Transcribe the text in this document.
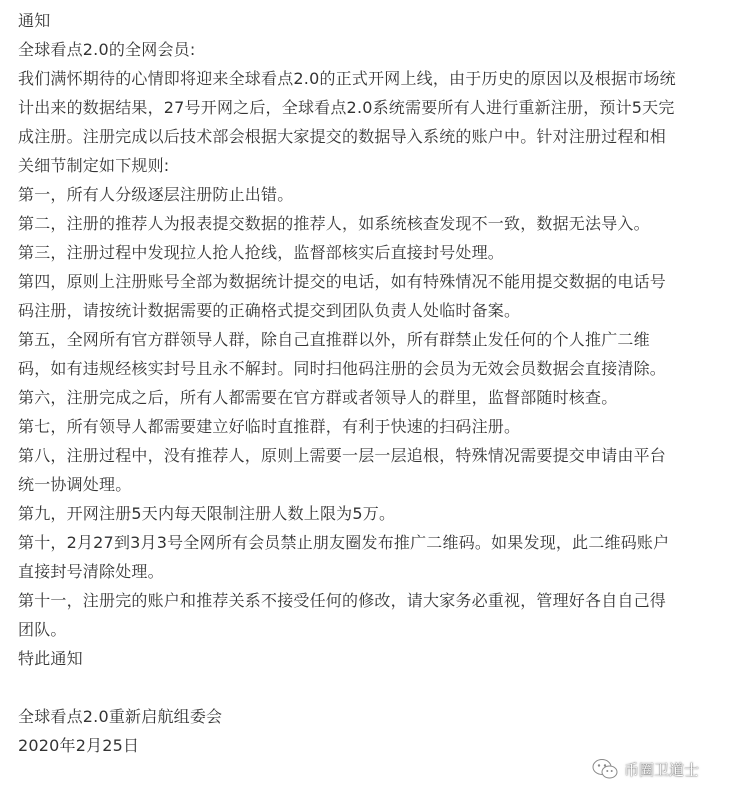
通知
全球看点2.0的全网会员:
我们满怀期待的心情即将迎来全球看点2.0的正式开网上线，由于历史的原因以及根据市场统
计出来的数据结果，27号开网之后，全球看点2.0系统需要所有人进行重新注册，预计5天完
成注册。注册完成以后技术部会根据大家提交的数据导入系统的账户中。针对注册过程和相
关细节制定如下规则:
第一，所有人分级逐层注册防止出错。
第二，注册的推荐人为报表提交数据的推荐人，如系统核查发现不一致，数据无法导入。
第三，注册过程中发现拉人抢人抢线，监督部核实后直接封号处理。
第四，原则上注册账号全部为数据统计提交的电话，如有特殊情况不能用提交数据的电话号
码注册，请按统计数据需要的正确格式提交到团队负责人处临时备案。
第五，全网所有官方群领导人群，除自己直推群以外，所有群禁止发任何的个人推广二维
码，如有违规经核实封号且永不解封。同时扫他码注册的会员为无效会员数据会直接清除。
第六，注册完成之后，所有人都需要在官方群或者领导人的群里，监督部随时核查。
第七，所有领导人都需要建立好临时直推群，有利于快速的扫码注册。
第八，注册过程中，没有推荐人，原则上需要一层一层追根，特殊情况需要提交申请由平台
统一协调处理。
第九，开网注册5天内每天限制注册人数上限为5万。
第十，2月27到3月3号全网所有会员禁止朋友圈发布推广二维码。如果发现，此二维码账户
直接封号清除处理。
第十一，注册完的账户和推荐关系不接受任何的修改，请大家务必重视，管理好各自自己得
团队。
特此通知
全球看点2.0重新启航组委会
2020年2月25日
币圈卫道士
